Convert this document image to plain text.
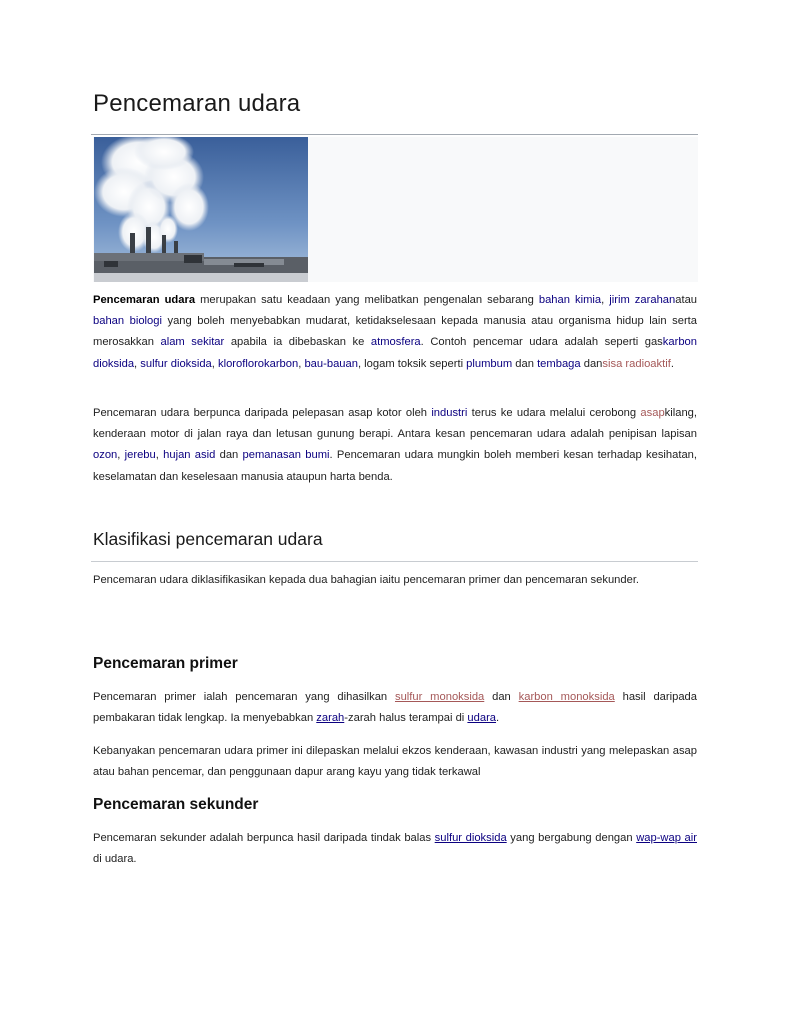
Pencemaran udara

Pencemaran udara merupakan satu keadaan yang melibatkan pengenalan sebarang bahan kimia, jirim zarahanatau bahan biologi yang boleh menyebabkan mudarat, ketidakselesaan kepada manusia atau organisma hidup lain serta merosakkan alam sekitar apabila ia dibebaskan ke atmosfera. Contoh pencemar udara adalah seperti gaskarbon dioksida, sulfur dioksida, kloroflorokarbon, bau-bauan, logam toksik seperti plumbum dan tembaga dansisa radioaktif.

Pencemaran udara berpunca daripada pelepasan asap kotor oleh industri terus ke udara melalui cerobong asapkilang, kenderaan motor di jalan raya dan letusan gunung berapi. Antara kesan pencemaran udara adalah penipisan lapisan ozon, jerebu, hujan asid dan pemanasan bumi. Pencemaran udara mungkin boleh memberi kesan terhadap kesihatan, keselamatan dan keselesaan manusia ataupun harta benda.

Klasifikasi pencemaran udara

Pencemaran udara diklasifikasikan kepada dua bahagian iaitu pencemaran primer dan pencemaran sekunder.

Pencemaran primer

Pencemaran primer ialah pencemaran yang dihasilkan sulfur monoksida dan karbon monoksida hasil daripada pembakaran tidak lengkap. Ia menyebabkan zarah-zarah halus terampai di udara.

Kebanyakan pencemaran udara primer ini dilepaskan melalui ekzos kenderaan, kawasan industri yang melepaskan asap atau bahan pencemar, dan penggunaan dapur arang kayu yang tidak terkawal

Pencemaran sekunder

Pencemaran sekunder adalah berpunca hasil daripada tindak balas sulfur dioksida yang bergabung dengan wap-wap air di udara.
